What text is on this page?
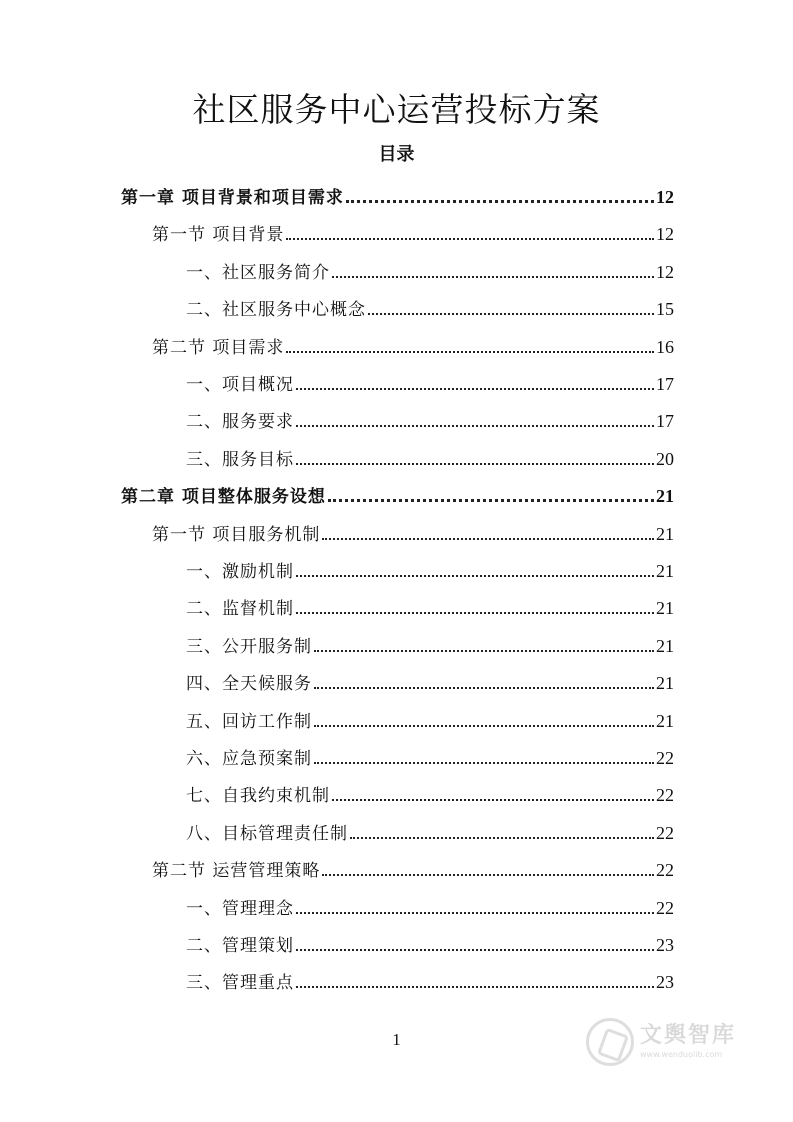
社区服务中心运营投标方案
目录
第一章 项目背景和项目需求	12
第一节 项目背景	12
一、社区服务简介	12
二、社区服务中心概念	15
第二节 项目需求	16
一、项目概况	17
二、服务要求	17
三、服务目标	20
第二章 项目整体服务设想	21
第一节 项目服务机制	21
一、激励机制	21
二、监督机制	21
三、公开服务制	21
四、全天候服务	21
五、回访工作制	21
六、应急预案制	22
七、自我约束机制	22
八、目标管理责任制	22
第二节 运营管理策略	22
一、管理理念	22
二、管理策划	23
三、管理重点	23
1	文舆智库
www.wenduolib.com
